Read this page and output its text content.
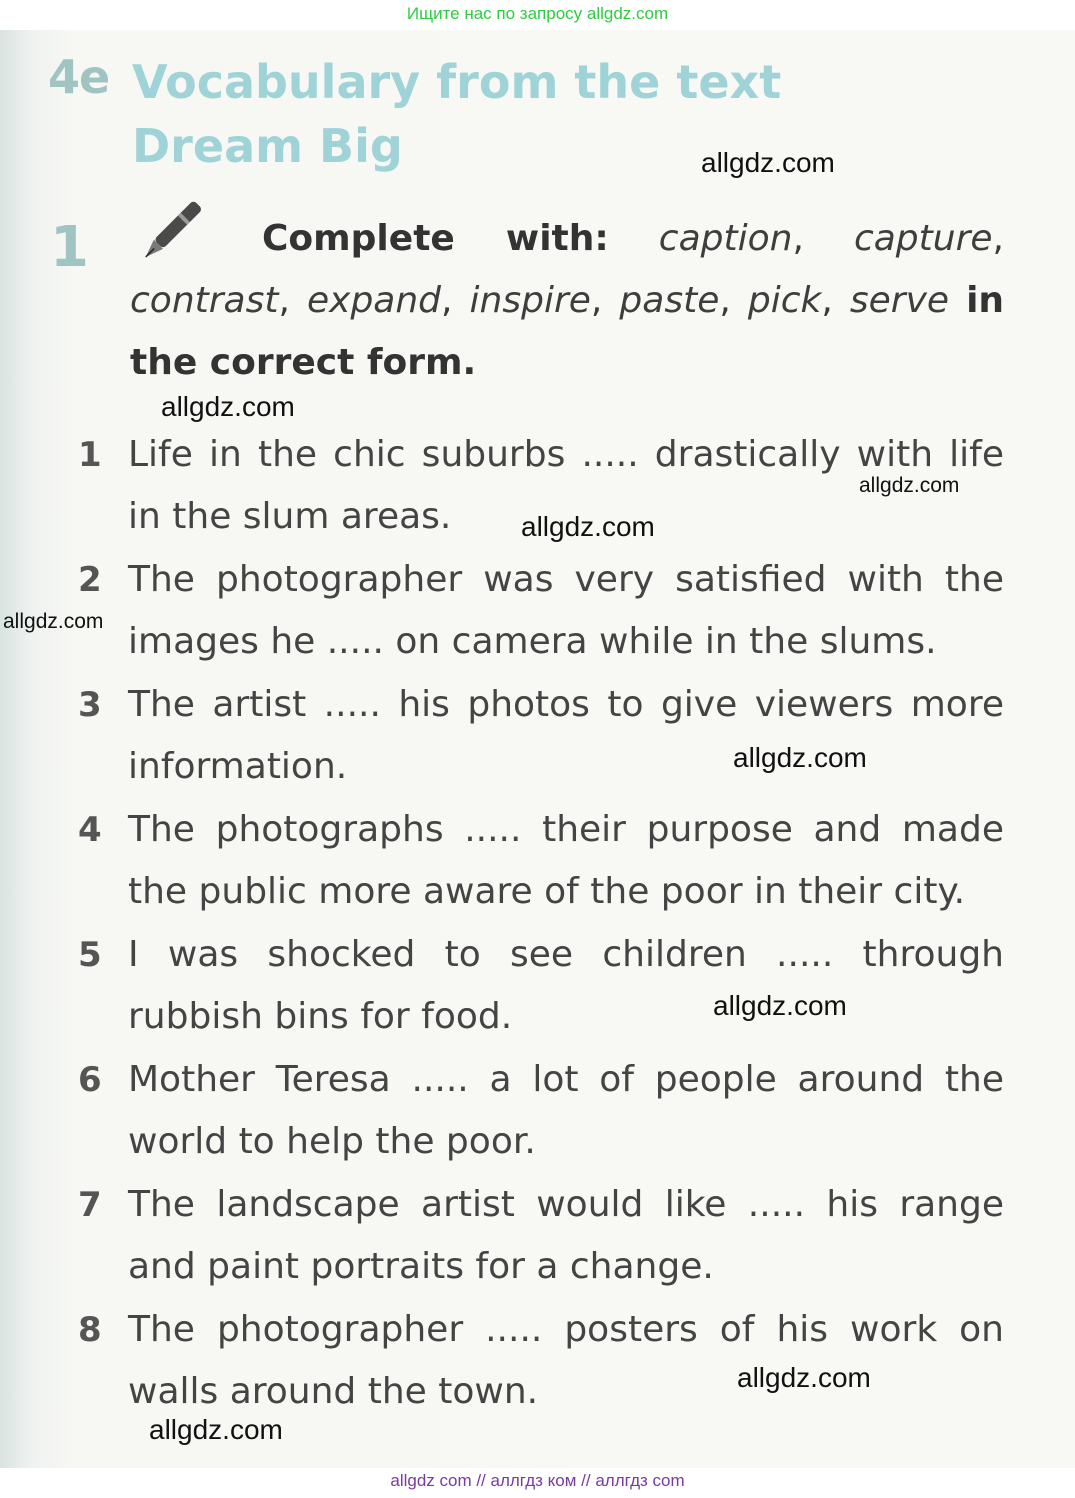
Ищите нас по запросу allgdz.com
4e Vocabulary from the text
Dream Big
1	Complete with: caption, capture, contrast, expand, inspire, paste, pick, serve in the correct form.
1 Life in the chic suburbs ..... drastically with life in the slum areas.
2 The photographer was very satisfied with the images he ..... on camera while in the slums.
3 The artist ..... his photos to give viewers more information.
4 The photographs ..... their purpose and made the public more aware of the poor in their city.
5 I was shocked to see children ..... through rubbish bins for food.
6 Mother Teresa ..... a lot of people around the world to help the poor.
7 The landscape artist would like ..... his range and paint portraits for a change.
8 The photographer ..... posters of his work on walls around the town.
allgdz.com
allgdz.com
allgdz.com
allgdz.com
allgdz.com
allgdz.com
allgdz.com
allgdz.com
allgdz.com
allgdz com // аллгдз ком // аллгдз com
